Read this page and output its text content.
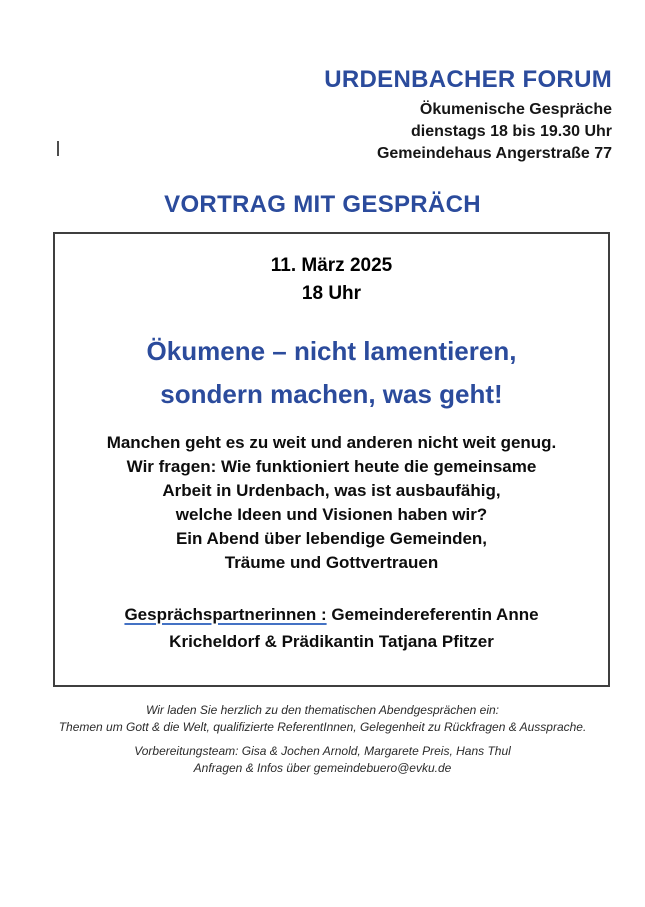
URDENBACHER FORUM
Ökumenische Gespräche
dienstags 18 bis 19.30 Uhr
Gemeindehaus Angerstraße 77
VORTRAG MIT GESPRÄCH
11. März 2025
18 Uhr
Ökumene – nicht lamentieren,
sondern machen, was geht!
Manchen geht es zu weit und anderen nicht weit genug.
Wir fragen: Wie funktioniert heute die gemeinsame
Arbeit in Urdenbach, was ist ausbaufähig,
welche Ideen und Visionen haben wir?
Ein Abend über lebendige Gemeinden,
Träume und Gottvertrauen
Gesprächspartnerinnen : Gemeindereferentin Anne Kricheldorf & Prädikantin Tatjana Pfitzer
Wir laden Sie herzlich zu den thematischen Abendgesprächen ein:
Themen um Gott & die Welt, qualifizierte ReferentInnen, Gelegenheit zu Rückfragen & Aussprache.
Vorbereitungsteam: Gisa & Jochen Arnold, Margarete Preis, Hans Thul
Anfragen & Infos über gemeindebuero@evku.de
